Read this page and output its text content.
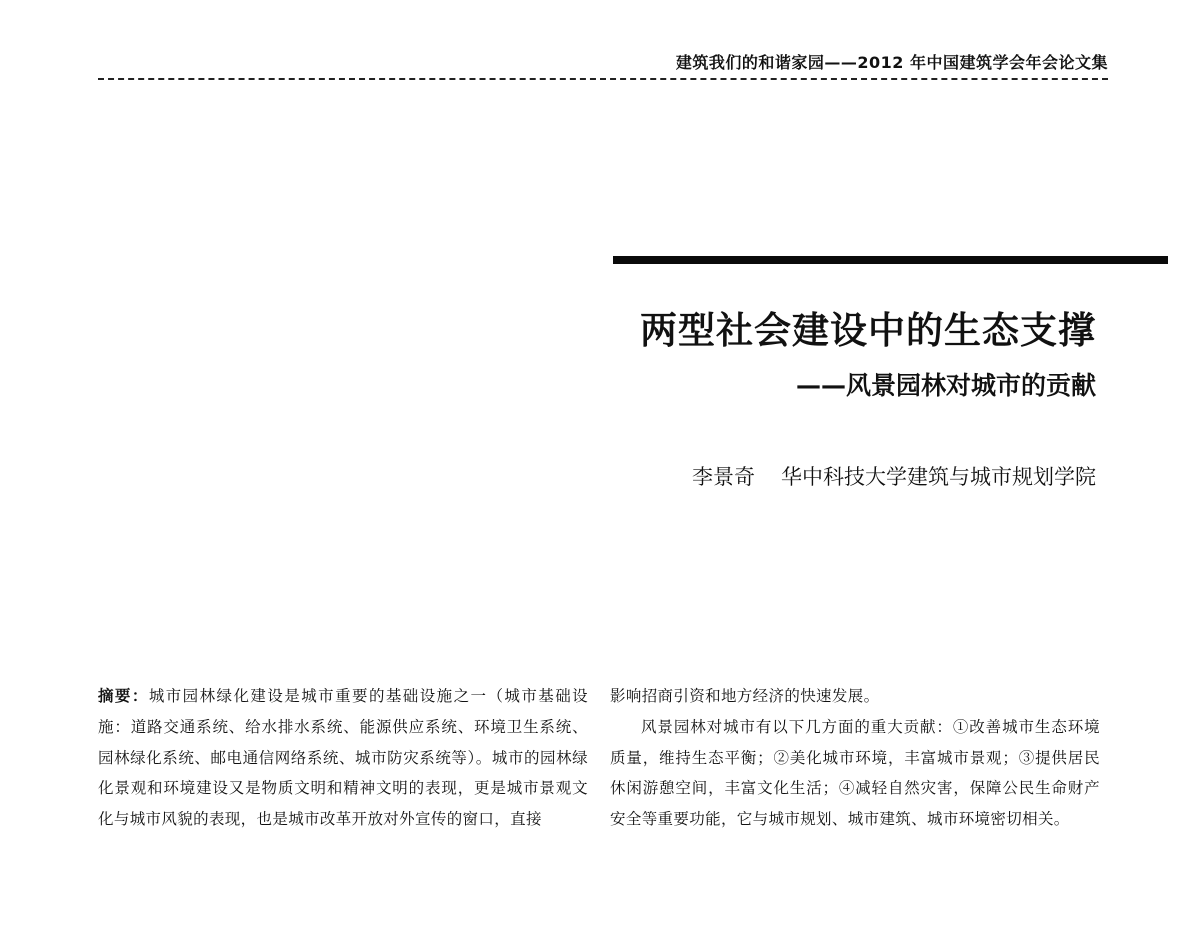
建筑我们的和谐家园——2012 年中国建筑学会年会论文集
两型社会建设中的生态支撑
——风景园林对城市的贡献
李景奇 华中科技大学建筑与城市规划学院

摘要：城市园林绿化建设是城市重要的基础设施之一（城市基础设施：道路交通系统、给水排水系统、能源供应系统、环境卫生系统、园林绿化系统、邮电通信网络系统、城市防灾系统等）。城市的园林绿化景观和环境建设又是物质文明和精神文明的表现，更是城市景观文化与城市风貌的表现，也是城市改革开放对外宣传的窗口，直接

影响招商引资和地方经济的快速发展。

风景园林对城市有以下几方面的重大贡献：①改善城市生态环境质量，维持生态平衡；②美化城市环境，丰富城市景观；③提供居民休闲游憩空间，丰富文化生活；④减轻自然灾害，保障公民生命财产安全等重要功能，它与城市规划、城市建筑、城市环境密切相关。
